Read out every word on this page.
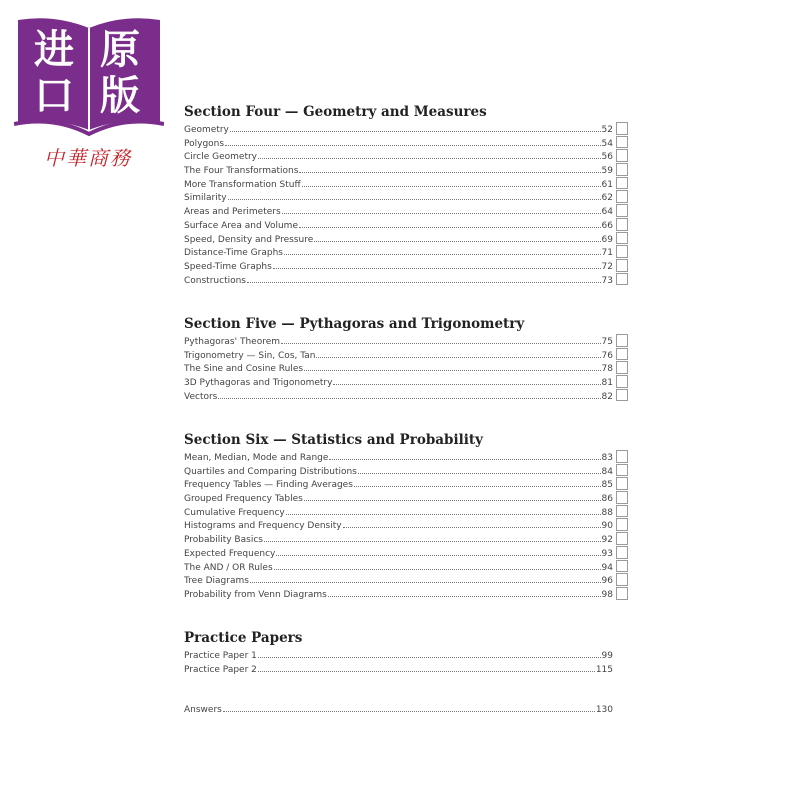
进 原
口 版
中華商務
Section Four — Geometry and Measures
Geometry	52
Polygons	54
Circle Geometry	56
The Four Transformations	59
More Transformation Stuff	61
Similarity	62
Areas and Perimeters	64
Surface Area and Volume	66
Speed, Density and Pressure	69
Distance-Time Graphs	71
Speed-Time Graphs	72
Constructions	73
Section Five — Pythagoras and Trigonometry
Pythagoras' Theorem	75
Trigonometry — Sin, Cos, Tan	76
The Sine and Cosine Rules	78
3D Pythagoras and Trigonometry	81
Vectors	82
Section Six — Statistics and Probability
Mean, Median, Mode and Range	83
Quartiles and Comparing Distributions	84
Frequency Tables — Finding Averages	85
Grouped Frequency Tables	86
Cumulative Frequency	88
Histograms and Frequency Density	90
Probability Basics	92
Expected Frequency	93
The AND / OR Rules	94
Tree Diagrams	96
Probability from Venn Diagrams	98
Practice Papers
Practice Paper 1	99
Practice Paper 2	115
Answers	130
